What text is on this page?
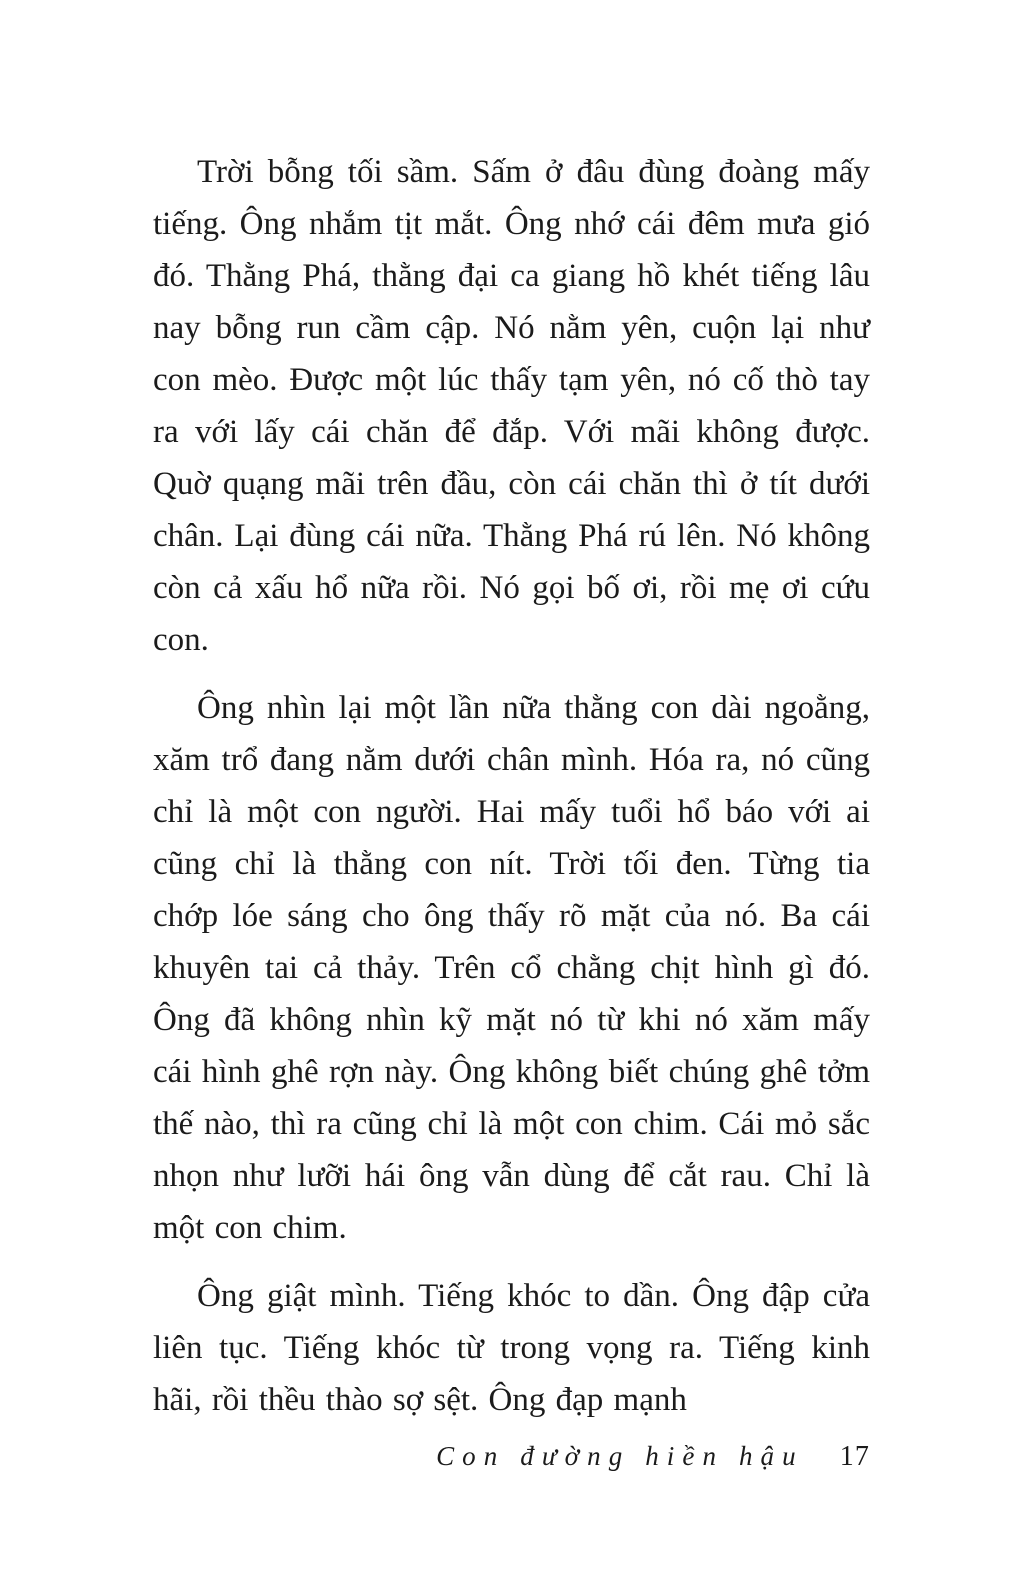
Trời bỗng tối sầm. Sấm ở đâu đùng đoàng mấy tiếng. Ông nhắm tịt mắt. Ông nhớ cái đêm mưa gió đó. Thằng Phá, thằng đại ca giang hồ khét tiếng lâu nay bỗng run cầm cập. Nó nằm yên, cuộn lại như con mèo. Được một lúc thấy tạm yên, nó cố thò tay ra với lấy cái chăn để đắp. Với mãi không được. Quờ quạng mãi trên đầu, còn cái chăn thì ở tít dưới chân. Lại đùng cái nữa. Thằng Phá rú lên. Nó không còn cả xấu hổ nữa rồi. Nó gọi bố ơi, rồi mẹ ơi cứu con.

Ông nhìn lại một lần nữa thằng con dài ngoằng, xăm trổ đang nằm dưới chân mình. Hóa ra, nó cũng chỉ là một con người. Hai mấy tuổi hổ báo với ai cũng chỉ là thằng con nít. Trời tối đen. Từng tia chớp lóe sáng cho ông thấy rõ mặt của nó. Ba cái khuyên tai cả thảy. Trên cổ chằng chịt hình gì đó. Ông đã không nhìn kỹ mặt nó từ khi nó xăm mấy cái hình ghê rợn này. Ông không biết chúng ghê tởm thế nào, thì ra cũng chỉ là một con chim. Cái mỏ sắc nhọn như lưỡi hái ông vẫn dùng để cắt rau. Chỉ là một con chim.

Ông giật mình. Tiếng khóc to dần. Ông đập cửa liên tục. Tiếng khóc từ trong vọng ra. Tiếng kinh hãi, rồi thều thào sợ sệt. Ông đạp mạnh

Con đường hiền hậu 17
